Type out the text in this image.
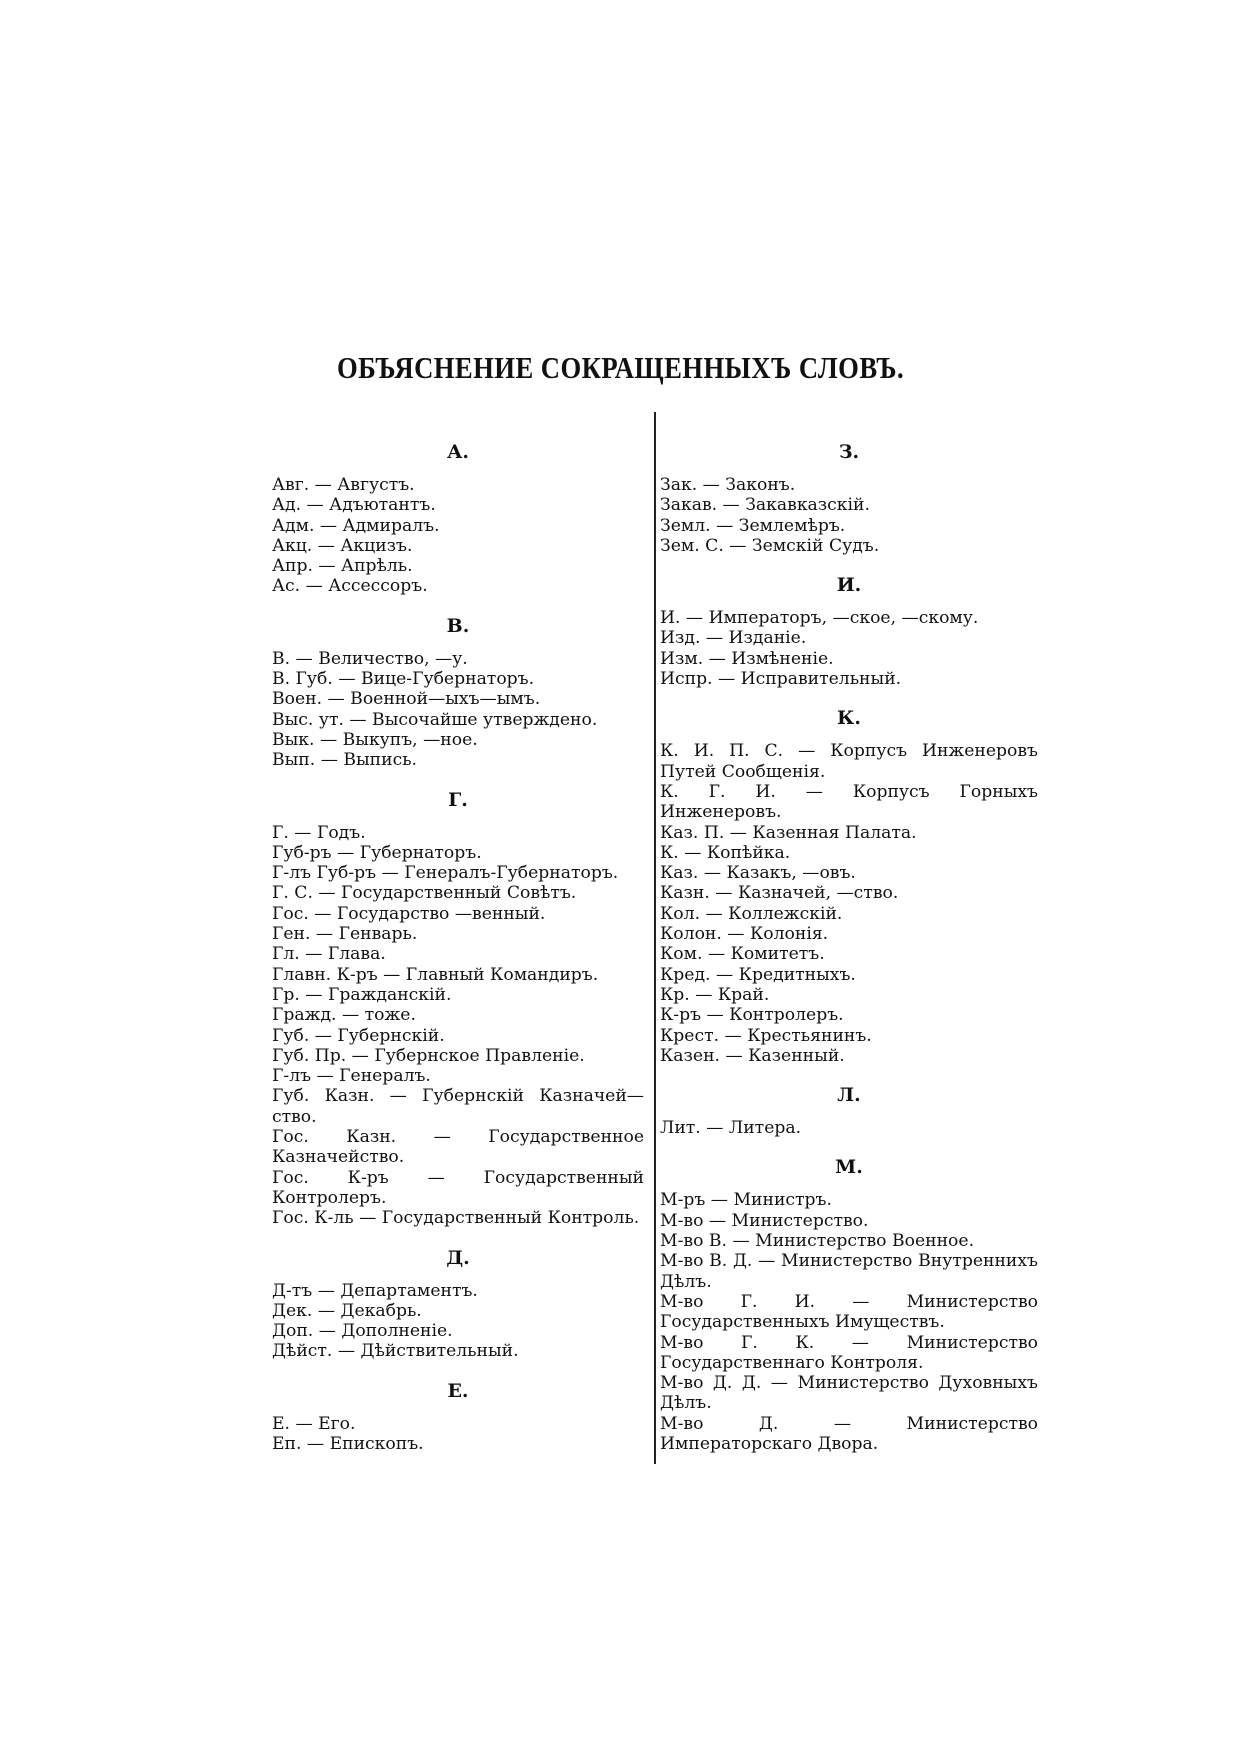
ОБЪЯСНЕНИЕ СОКРАЩЕННЫХЪ СЛОВЪ.
А.
Авг. — Августъ.
Ад. — Адъютантъ.
Адм. — Адмиралъ.
Акц. — Акцизъ.
Апр. — Апрѣль.
Ас. — Ассессоръ.
В.
В. — Величество, —у.
В. Губ. — Вице-Губернаторъ.
Воен. — Военной—ыхъ—ымъ.
Выс. ут. — Высочайше утверждено.
Вык. — Выкупъ, —ное.
Вып. — Выпись.
Г.
Г. — Годъ.
Губ-ръ — Губернаторъ.
Г-лъ Губ-ръ — Генералъ-Губернаторъ.
Г. С. — Государственный Совѣтъ.
Гос. — Государство —венный.
Ген. — Генварь.
Гл. — Глава.
Главн. К-ръ — Главный Командиръ.
Гр. — Гражданскій.
Гражд. — тоже.
Губ. — Губернскій.
Губ. Пр. — Губернское Правленіе.
Г-лъ — Генералъ.
Губ. Казн. — Губернскій Казначей—ство.
Гос. Казн. — Государственное Казначейство.
Гос. К-ръ — Государственный Контролеръ.
Гос. К-ль — Государственный Контроль.
Д.
Д-тъ — Департаментъ.
Дек. — Декабрь.
Доп. — Дополненіе.
Дѣйст. — Дѣйствительный.
Е.
Е. — Его.
Еп. — Епископъ.
З.
Зак. — Законъ.
Закав. — Закавказскій.
Земл. — Землемѣръ.
Зем. С. — Земскій Судъ.
И.
И. — Императоръ, —ское, —скому.
Изд. — Изданіе.
Изм. — Измѣненіе.
Испр. — Исправительный.
К.
К. И. П. С. — Корпусъ Инженеровъ Путей Сообщенія.
К. Г. И. — Корпусъ Горныхъ Инженеровъ.
Каз. П. — Казенная Палата.
К. — Копѣйка.
Каз. — Казакъ, —овъ.
Казн. — Казначей, —ство.
Кол. — Коллежскій.
Колон. — Колонія.
Ком. — Комитетъ.
Кред. — Кредитныхъ.
Кр. — Край.
К-ръ — Контролеръ.
Крест. — Крестьянинъ.
Казен. — Казенный.
Л.
Лит. — Литера.
М.
М-ръ — Министръ.
М-во — Министерство.
М-во В. — Министерство Военное.
М-во В. Д. — Министерство Внутреннихъ Дѣлъ.
М-во Г. И. — Министерство Государственныхъ Имуществъ.
М-во Г. К. — Министерство Государственнаго Контроля.
М-во Д. Д. — Министерство Духовныхъ Дѣлъ.
М-во Д. — Министерство Императорскаго Двора.
